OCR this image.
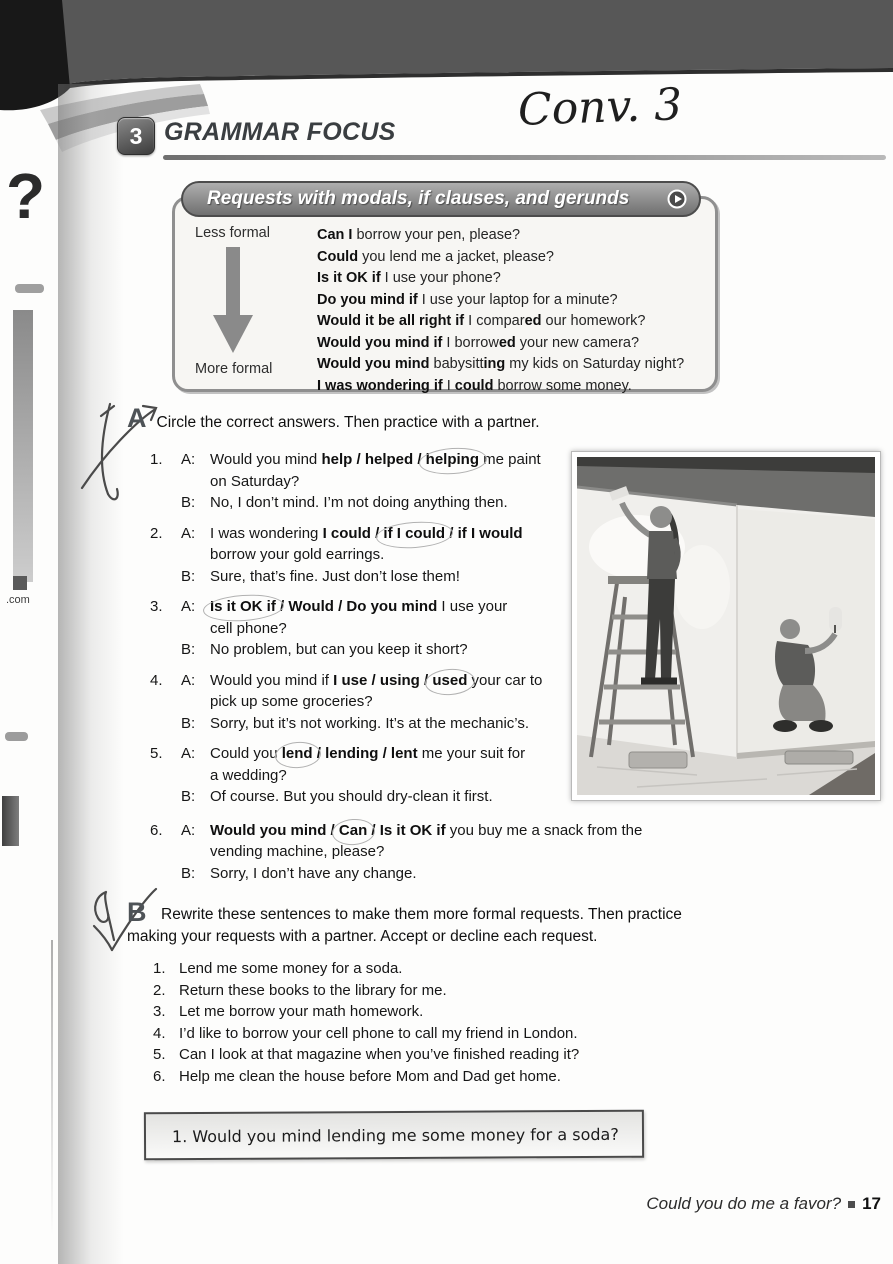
?
.com
3 GRAMMAR FOCUS	Conv. 3
Requests with modals, if clauses, and gerunds
Less formal
More formal
Can I borrow your pen, please?
Could you lend me a jacket, please?
Is it OK if I use your phone?
Do you mind if I use your laptop for a minute?
Would it be all right if I compared our homework?
Would you mind if I borrowed your new camera?
Would you mind babysitting my kids on Saturday night?
I was wondering if I could borrow some money.
A Circle the correct answers. Then practice with a partner.
1.	A: Would you mind help / helped / helping me paint
on Saturday?
B: No, I don’t mind. I’m not doing anything then.
2.	A: I was wondering I could / if I could / if I would
borrow your gold earrings.
B: Sure, that’s fine. Just don’t lose them!
3.	A: Is it OK if / Would / Do you mind I use your
cell phone?
B: No problem, but can you keep it short?
4.	A: Would you mind if I use / using / used your car to
pick up some groceries?
B: Sorry, but it’s not working. It’s at the mechanic’s.
5.	A: Could you lend / lending / lent me your suit for
a wedding?
B: Of course. But you should dry-clean it first.
6.	A: Would you mind / Can / Is it OK if you buy me a snack from the
vending machine, please?
B: Sorry, I don’t have any change.
B Rewrite these sentences to make them more formal requests. Then practice
making your requests with a partner. Accept or decline each request.
1. Lend me some money for a soda.
2. Return these books to the library for me.
3. Let me borrow your math homework.
4. I’d like to borrow your cell phone to call my friend in London.
5. Can I look at that magazine when you’ve finished reading it?
6. Help me clean the house before Mom and Dad get home.
1. Would you mind lending me some money for a soda?
Could you do me a favor? 17
